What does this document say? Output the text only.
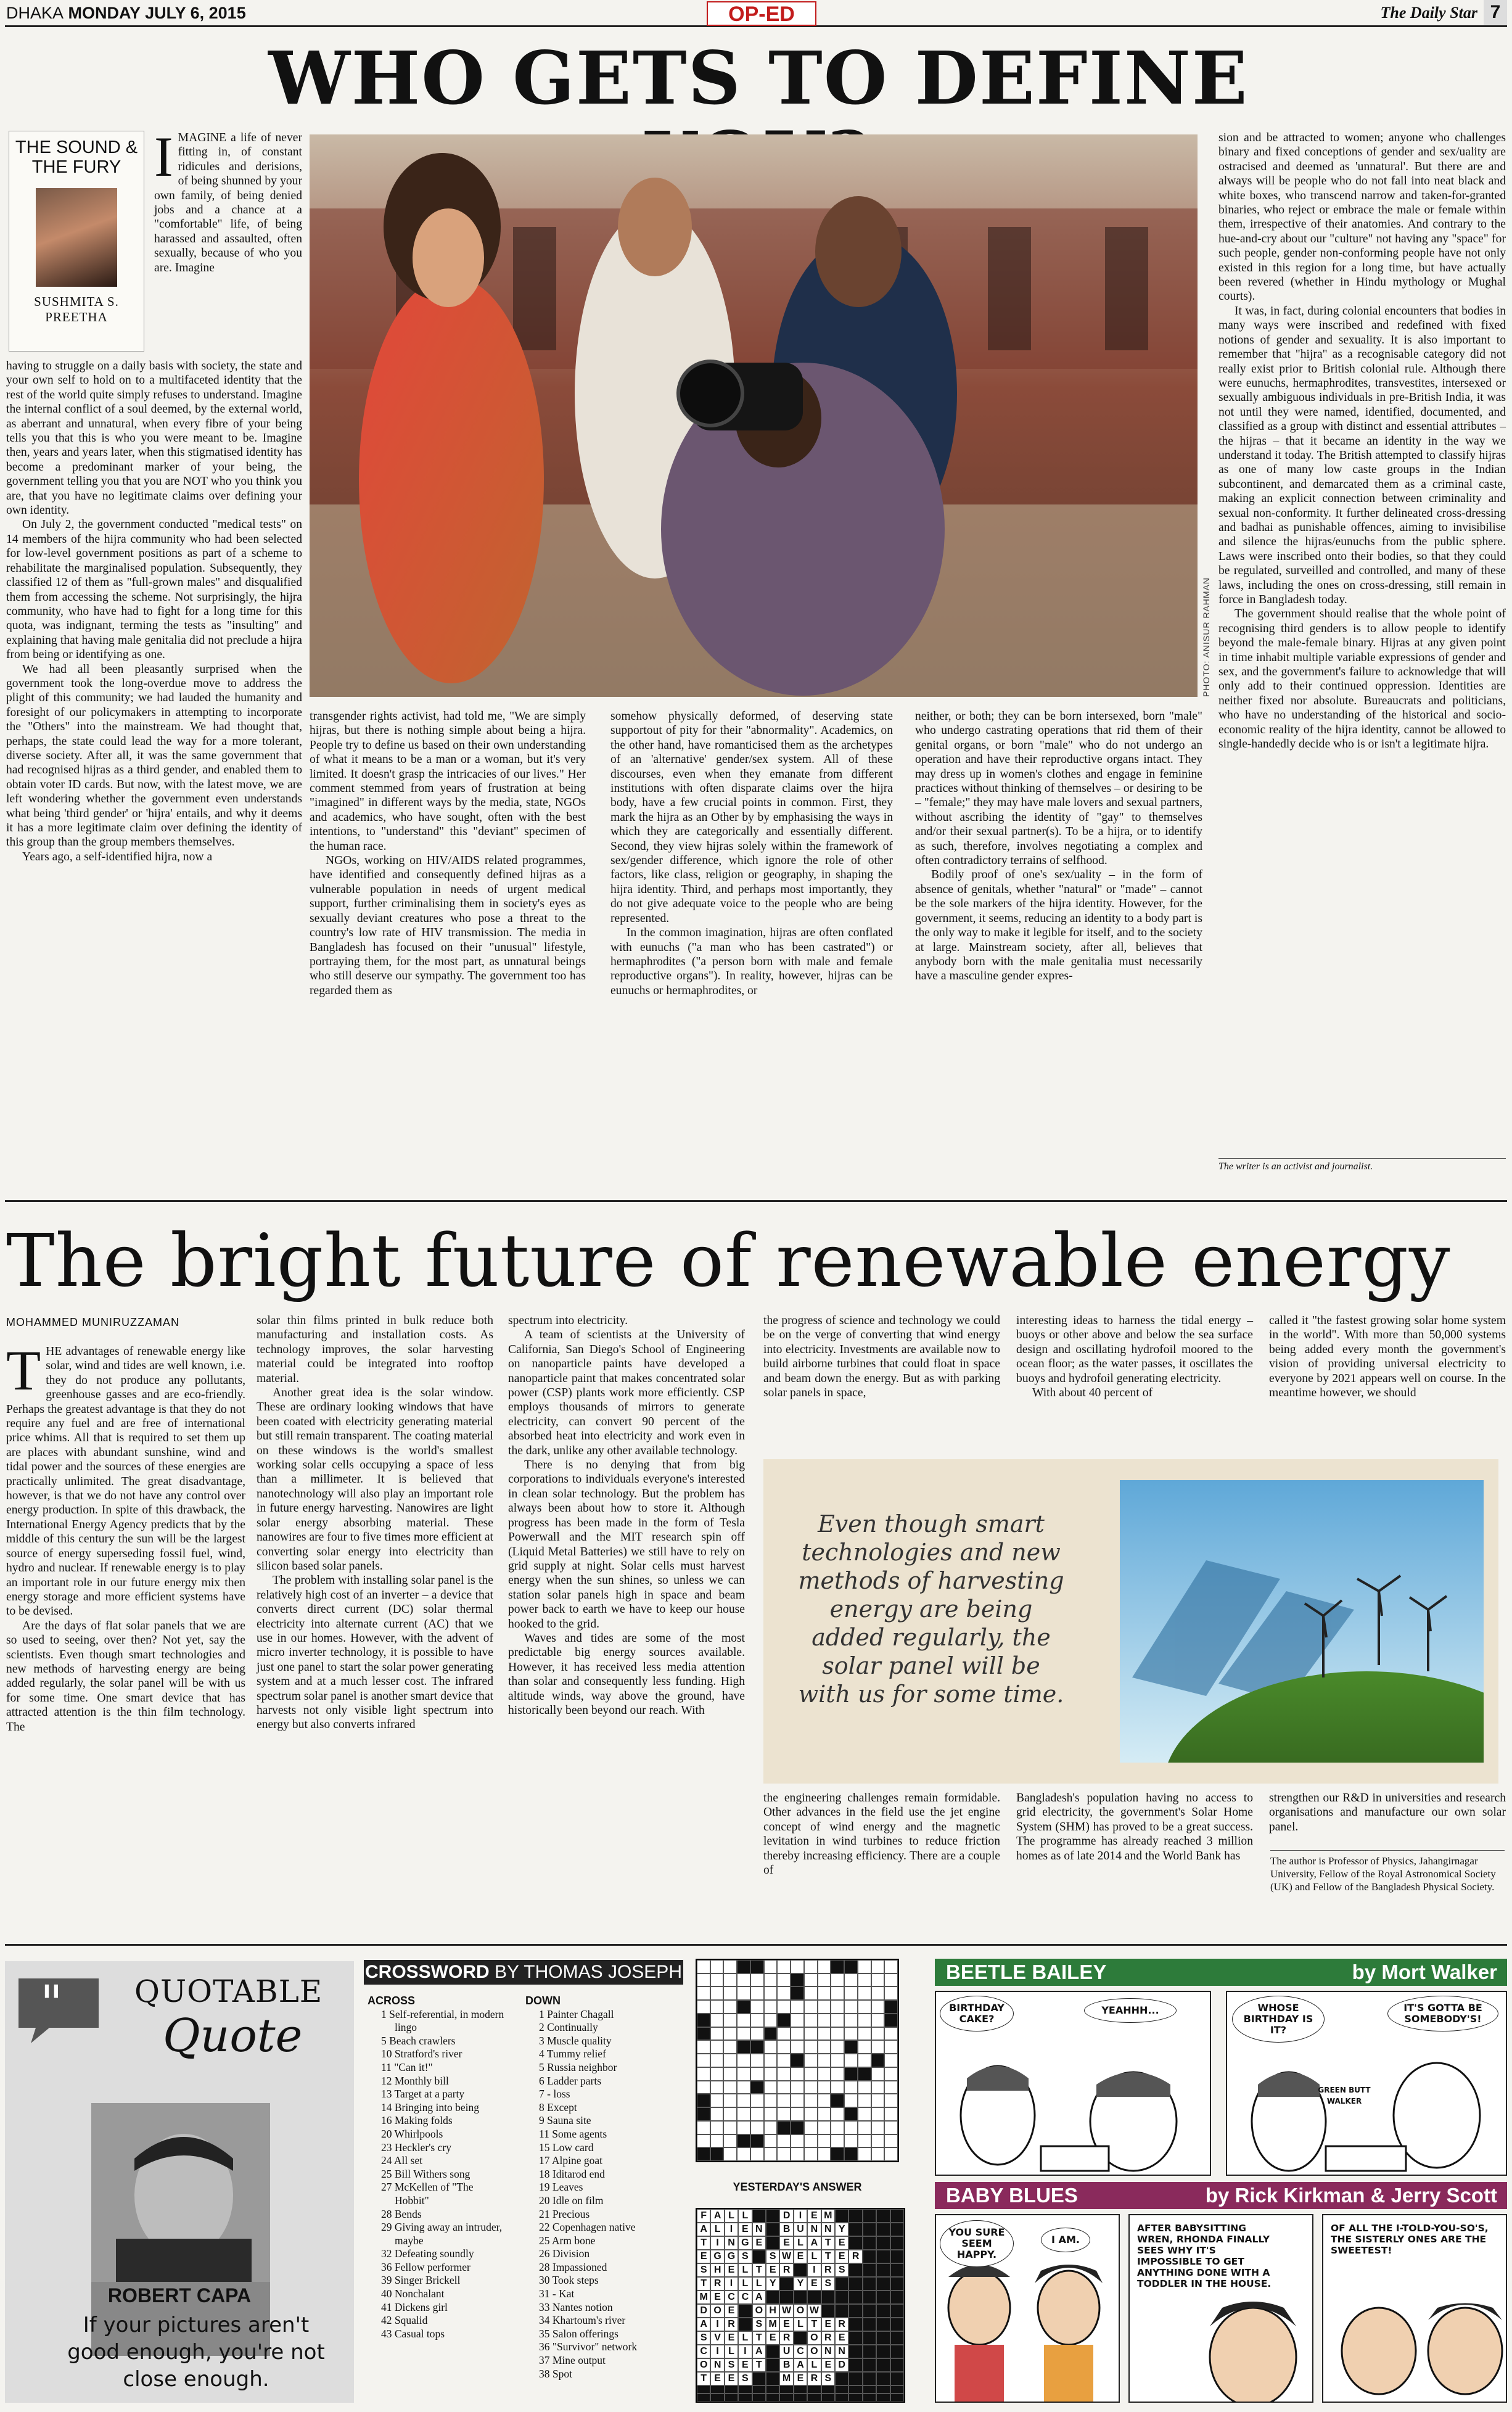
DHAKA MONDAY JULY 6, 2015	OP-ED	The Daily Star 7
WHO GETS TO DEFINE
THE SOUND & THE FURY
SUSHMITA S. PREETHA
IMAGINE a life of never fitting in, of constant ridicules and derisions, of being shunned by your own family, of being denied jobs and a chance at a "comfortable" life, of being harassed and assaulted, often sexually, because of who you are. Imagine

having to struggle on a daily basis with society, the state and your own self to hold on to a multifaceted identity that the rest of the world quite simply refuses to understand. Imagine the internal conflict of a soul deemed, by the external world, as aberrant and unnatural, when every fibre of your being tells you that this is who you were meant to be. Imagine then, years and years later, when this stigmatised identity has become a predominant marker of your being, the government telling you that you are NOT who you think you are, that you have no legitimate claims over defining your own identity.

On July 2, the government conducted "medical tests" on 14 members of the hijra community who had been selected for low-level government positions as part of a scheme to rehabilitate the marginalised population. Subsequently, they classified 12 of them as "full-grown males" and disqualified them from accessing the scheme. Not surprisingly, the hijra community, who have had to fight for a long time for this quota, was indignant, terming the tests as "insulting" and explaining that having male genitalia did not preclude a hijra from being or identifying as one.

We had all been pleasantly surprised when the government took the long-overdue move to address the plight of this community; we had lauded the humanity and foresight of our policymakers in attempting to incorporate the "Others" into the mainstream. We had thought that, perhaps, the state could lead the way for a more tolerant, diverse society. After all, it was the same government that had recognised hijras as a third gender, and enabled them to obtain voter ID cards. But now, with the latest move, we are left wondering whether the government even understands what being 'third gender' or 'hijra' entails, and why it deems it has a more legitimate claim over defining the identity of this group than the group members themselves.

Years ago, a self-identified hijra, now a

PHOTO: ANISUR RAHMAN

transgender rights activist, had told me, "We are simply hijras, but there is nothing simple about being a hijra. People try to define us based on their own understanding of what it means to be a man or a woman, but it's very limited. It doesn't grasp the intricacies of our lives." Her comment stemmed from years of frustration at being "imagined" in different ways by the media, state, NGOs and academics, who have sought, often with the best intentions, to "understand" this "deviant" specimen of the human race.

NGOs, working on HIV/AIDS related programmes, have identified and consequently defined hijras as a vulnerable population in needs of urgent medical support, further criminalising them in society's eyes as sexually deviant creatures who pose a threat to the country's low rate of HIV transmission. The media in Bangladesh has focused on their "unusual" lifestyle, portraying them, for the most part, as unnatural beings who still deserve our sympathy. The government too has regarded them as

somehow physically deformed, of deserving state supportout of pity for their "abnormality". Academics, on the other hand, have romanticised them as the archetypes of an 'alternative' gender/sex system. All of these discourses, even when they emanate from different institutions with often disparate claims over the hijra body, have a few crucial points in common. First, they mark the hijra as an Other by by emphasising the ways in which they are categorically and essentially different. Second, they view hijras solely within the framework of sex/gender difference, which ignore the role of other factors, like class, religion or geography, in shaping the hijra identity. Third, and perhaps most importantly, they do not give adequate voice to the people who are being represented.

In the common imagination, hijras are often conflated with eunuchs ("a man who has been castrated") or hermaphrodites ("a person born with male and female reproductive organs"). In reality, however, hijras can be eunuchs or hermaphrodites, or

neither, or both; they can be born intersexed, born "male" who undergo castrating operations that rid them of their genital organs, or born "male" who do not undergo an operation and have their reproductive organs intact. They may dress up in women's clothes and engage in feminine practices without thinking of themselves – or desiring to be – "female;" they may have male lovers and sexual partners, without ascribing the identity of "gay" to themselves and/or their sexual partner(s). To be a hijra, or to identify as such, therefore, involves negotiating a complex and often contradictory terrains of selfhood.

Bodily proof of one's sex/uality – in the form of absence of genitals, whether "natural" or "made" – cannot be the sole markers of the hijra identity. However, for the government, it seems, reducing an identity to a body part is the only way to make it legible for itself, and to the society at large. Mainstream society, after all, believes that anybody born with the male genitalia must necessarily have a masculine gender expres-

sion and be attracted to women; anyone who challenges binary and fixed conceptions of gender and sex/uality are ostracised and deemed as 'unnatural'. But there are and always will be people who do not fall into neat black and white boxes, who transcend narrow and taken-for-granted binaries, who reject or embrace the male or female within them, irrespective of their anatomies. And contrary to the hue-and-cry about our "culture" not having any "space" for such people, gender non-conforming people have not only existed in this region for a long time, but have actually been revered (whether in Hindu mythology or Mughal courts).

It was, in fact, during colonial encounters that bodies in many ways were inscribed and redefined with fixed notions of gender and sexuality. It is also important to remember that "hijra" as a recognisable category did not really exist prior to British colonial rule. Although there were eunuchs, hermaphrodites, transvestites, intersexed or sexually ambiguous individuals in pre-British India, it was not until they were named, identified, documented, and classified as a group with distinct and essential attributes – the hijras – that it became an identity in the way we understand it today. The British attempted to classify hijras as one of many low caste groups in the Indian subcontinent, and demarcated them as a criminal caste, making an explicit connection between criminality and sexual non-conformity. It further delineated cross-dressing and badhai as punishable offences, aiming to invisibilise and silence the hijras/eunuchs from the public sphere. Laws were inscribed onto their bodies, so that they could be regulated, surveilled and controlled, and many of these laws, including the ones on cross-dressing, still remain in force in Bangladesh today.

The government should realise that the whole point of recognising third genders is to allow people to identify beyond the male-female binary. Hijras at any given point in time inhabit multiple variable expressions of gender and sex, and the government's failure to acknowledge that will only add to their continued oppression. Identities are neither fixed nor absolute. Bureaucrats and politicians, who have no understanding of the historical and socio-economic reality of the hijra identity, cannot be allowed to single-handedly decide who is or isn't a legitimate hijra.

The writer is an activist and journalist.
The bright future of renewable energy
MOHAMMED MUNIRUZZAMAN

THE advantages of renewable energy like solar, wind and tides are well known, i.e. they do not produce any pollutants, greenhouse gasses and are eco-friendly. Perhaps the greatest advantage is that they do not require any fuel and are free of international price whims. All that is required to set them up are places with abundant sunshine, wind and tidal power and the sources of these energies are practically unlimited. The great disadvantage, however, is that we do not have any control over energy production. In spite of this drawback, the International Energy Agency predicts that by the middle of this century the sun will be the largest source of energy superseding fossil fuel, wind, hydro and nuclear. If renewable energy is to play an important role in our future energy mix then energy storage and more efficient systems have to be devised.

Are the days of flat solar panels that we are so used to seeing, over then? Not yet, say the scientists. Even though smart technologies and new methods of harvesting energy are being added regularly, the solar panel will be with us for some time. One smart device that has attracted attention is the thin film technology. The

solar thin films printed in bulk reduce both manufacturing and installation costs. As technology improves, the solar harvesting material could be integrated into rooftop material.

Another great idea is the solar window. These are ordinary looking windows that have been coated with electricity generating material but still remain transparent. The coating material on these windows is the world's smallest working solar cells occupying a space of less than a millimeter. It is believed that nanotechnology will also play an important role in future energy harvesting. Nanowires are light solar energy absorbing material. These nanowires are four to five times more efficient at converting solar energy into electricity than silicon based solar panels.

The problem with installing solar panel is the relatively high cost of an inverter – a device that converts direct current (DC) solar thermal electricity into alternate current (AC) that we use in our homes. However, with the advent of micro inverter technology, it is possible to have just one panel to start the solar power generating system and at a much lesser cost. The infrared spectrum solar panel is another smart device that harvests not only visible light spectrum into energy but also converts infrared

spectrum into electricity.

A team of scientists at the University of California, San Diego's School of Engineering on nanoparticle paints have developed a nanoparticle paint that makes concentrated solar power (CSP) plants work more efficiently. CSP employs thousands of mirrors to generate electricity, can convert 90 percent of the absorbed heat into electricity and work even in the dark, unlike any other available technology.

There is no denying that from big corporations to individuals everyone's interested in clean solar technology. But the problem has always been about how to store it. Although progress has been made in the form of Tesla Powerwall and the MIT research spin off (Liquid Metal Batteries) we still have to rely on grid supply at night. Solar cells must harvest energy when the sun shines, so unless we can station solar panels high in space and beam power back to earth we have to keep our house hooked to the grid.

Waves and tides are some of the most predictable big energy sources available. However, it has received less media attention than solar and consequently less funding. High altitude winds, way above the ground, have historically been beyond our reach. With

the progress of science and technology we could be on the verge of converting that wind energy into electricity. Investments are available now to build airborne turbines that could float in space and beam down the energy. But as with parking solar panels in space,

interesting ideas to harness the tidal energy – buoys or other above and below the sea surface design and oscillating hydrofoil moored to the ocean floor; as the water passes, it oscillates the buoys and hydrofoil generating electricity.

With about 40 percent of

called it "the fastest growing solar home system in the world". With more than 50,000 systems being added every month the government's vision of providing universal electricity to everyone by 2021 appears well on course. In the meantime however, we should

Even though smart technologies and new methods of harvesting energy are being added regularly, the solar panel will be with us for some time.

the engineering challenges remain formidable. Other advances in the field use the jet engine concept of wind energy and the magnetic levitation in wind turbines to reduce friction thereby increasing efficiency. There are a couple of

Bangladesh's population having no access to grid electricity, the government's Solar Home System (SHM) has proved to be a great success. The programme has already reached 3 million homes as of late 2014 and the World Bank has

strengthen our R&D in universities and research organisations and manufacture our own solar panel.

The author is Professor of Physics, Jahangirnagar University, Fellow of the Royal Astronomical Society (UK) and Fellow of the Bangladesh Physical Society.
" QUOTABLE
Quote
ROBERT CAPA
If your pictures aren't good enough, you're not close enough.
CROSSWORD BY THOMAS JOSEPH
ACROSS
1 Self-referential, in modern lingo
5 Beach crawlers
10 Stratford's river
11 "Can it!"
12 Monthly bill
13 Target at a party
14 Bringing into being
16 Making folds
20 Whirlpools
23 Heckler's cry
24 All set
25 Bill Withers song
27 McKellen of "The Hobbit"
28 Bends
29 Giving away an intruder, maybe
32 Defeating soundly
36 Fellow performer
39 Singer Brickell
40 Nonchalant
41 Dickens girl
42 Squalid
43 Casual tops
DOWN
1 Painter Chagall
2 Continually
3 Muscle quality
4 Tummy relief
5 Russia neighbor
6 Ladder parts
7 - loss
8 Except
9 Sauna site
11 Some agents
15 Low card
17 Alpine goat
18 Iditarod end
19 Leaves
20 Idle on film
21 Precious
22 Copenhagen native
25 Arm bone
26 Division
28 Impassioned
30 Took steps
31 - Kat
33 Nantes notion
34 Khartoum's river
35 Salon offerings
36 "Survivor" network
37 Mine output
38 Spot
YESTERDAY'S ANSWER
F A L L	D I E M
A L I E N	B U N N Y
T I N G E	E L A T E
E G G S	S W E L T E R
S H E L T E R	I R S
T R I L L Y	Y E S
M E C C A
D O E	O H W O W
A I R	S M E L T E R
S V E L T E R	O R E
C I L I A	U C O N N
O N S E T	B A L E D
T E E S	M E R S
BEETLE BAILEY	by Mort Walker
BIRTHDAY CAKE?
YEAHHH...	WHOSE BIRTHDAY IS IT?
IT'S GOTTA BE SOMEBODY'S!
GREEN BUTT WALKER
BABY BLUES	by Rick Kirkman & Jerry Scott
YOU SURE SEEM HAPPY.
I AM.
AFTER BABYSITTING WREN, RHONDA FINALLY SEES WHY IT'S IMPOSSIBLE TO GET ANYTHING DONE WITH A TODDLER IN THE HOUSE.
OF ALL THE I-TOLD-YOU-SO'S, THE SISTERLY ONES ARE THE SWEETEST!
